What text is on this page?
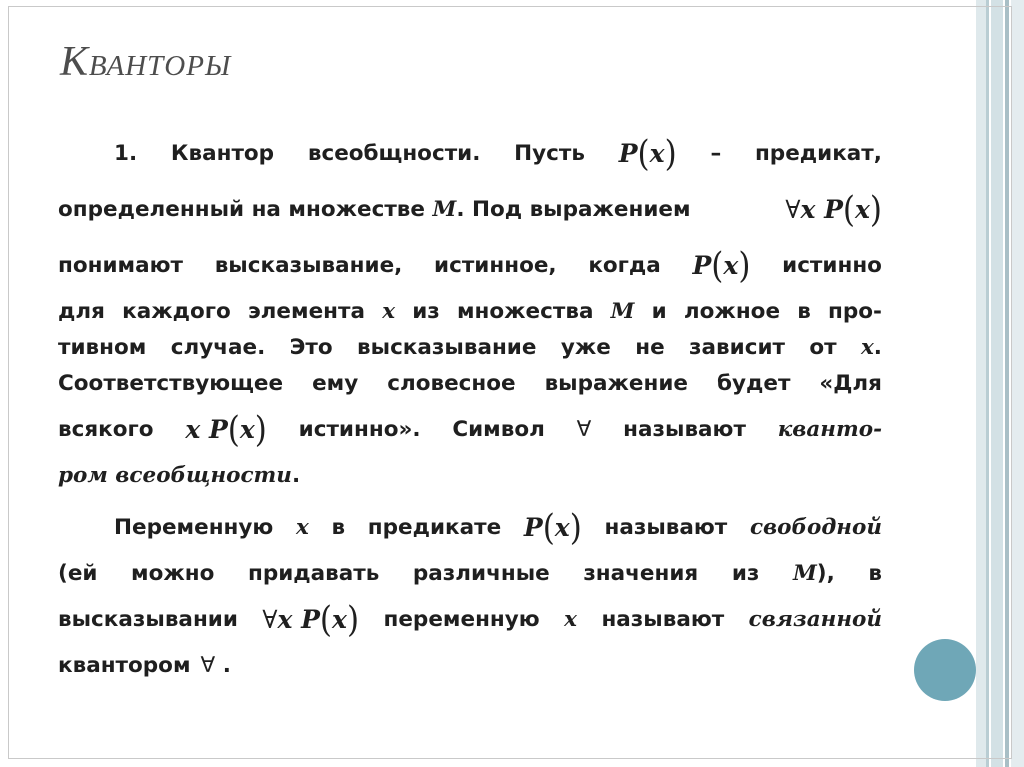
Кванторы
1. Квантор всеобщности. Пусть P(x) – предикат,
определенный на множестве M. Под выражением	∀x P(x)
понимают высказывание, истинное, когда P(x) истинно
для каждого элемента x из множества M и ложное в про-
тивном случае. Это высказывание уже не зависит от x.
Соответствующее ему словесное выражение будет «Для
всякого x P(x) истинно». Символ ∀ называют кванто-
ром всеобщности.
Переменную x в предикате P(x) называют свободной
(ей можно придавать различные значения из M), в
высказывании ∀x P(x) переменную x называют связанной
квантором ∀ .
